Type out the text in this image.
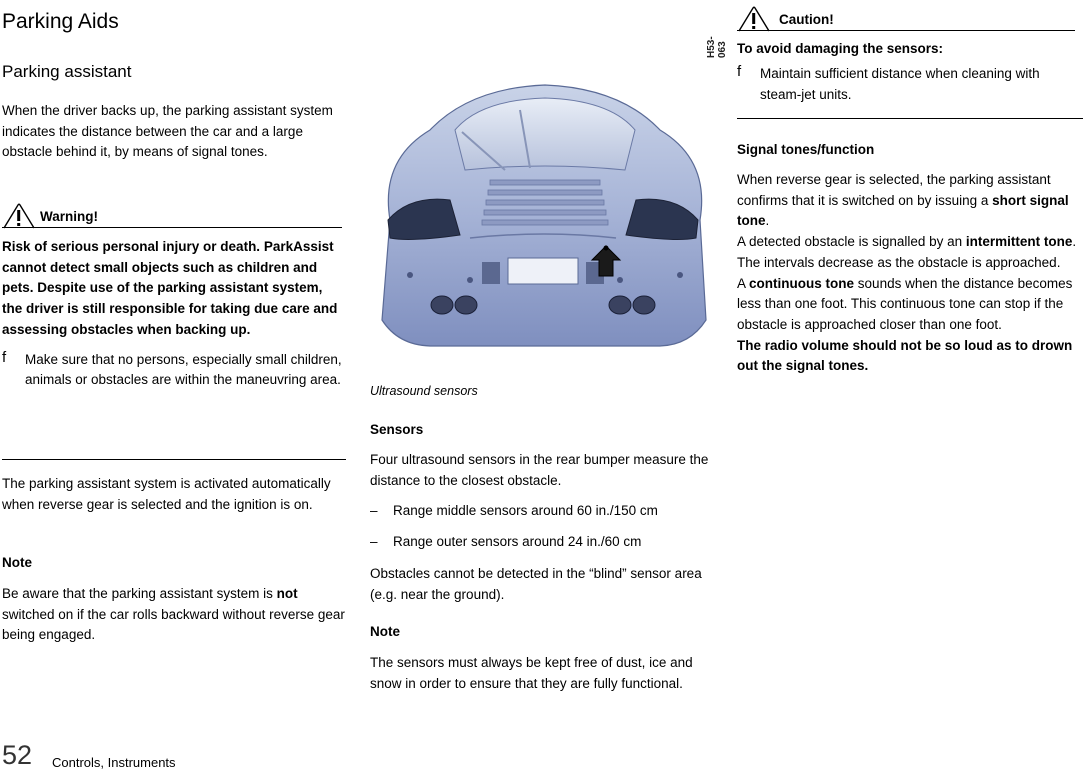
Parking Aids
Parking assistant

When the driver backs up, the parking assistant system indicates the distance between the car and a large obstacle behind it, by means of signal tones.

Warning!

Risk of serious personal injury or death. ParkAssist cannot detect small objects such as children and pets. Despite use of the parking assistant system, the driver is still responsible for taking due care and assessing obstacles when backing up.

f Make sure that no persons, especially small children, animals or obstacles are within the maneuvring area.

The parking assistant system is activated automatically when reverse gear is selected and the ignition is on.

Note

Be aware that the parking assistant system is not switched on if the car rolls backward without reverse gear being engaged.

H53-063
Ultrasound sensors

Sensors

Four ultrasound sensors in the rear bumper measure the distance to the closest obstacle.

– Range middle sensors around 60 in./150 cm

– Range outer sensors around 24 in./60 cm

Obstacles cannot be detected in the “blind” sensor area (e.g. near the ground).

Note

The sensors must always be kept free of dust, ice and snow in order to ensure that they are fully functional.

Caution!

To avoid damaging the sensors:

f Maintain sufficient distance when cleaning with steam-jet units.

Signal tones/function

When reverse gear is selected, the parking assistant confirms that it is switched on by issuing a short signal tone.

A detected obstacle is signalled by an intermittent tone. The intervals decrease as the obstacle is approached.

A continuous tone sounds when the distance becomes less than one foot. This continuous tone can stop if the obstacle is approached closer than one foot.

The radio volume should not be so loud as to drown out the signal tones.

52 Controls, Instruments
